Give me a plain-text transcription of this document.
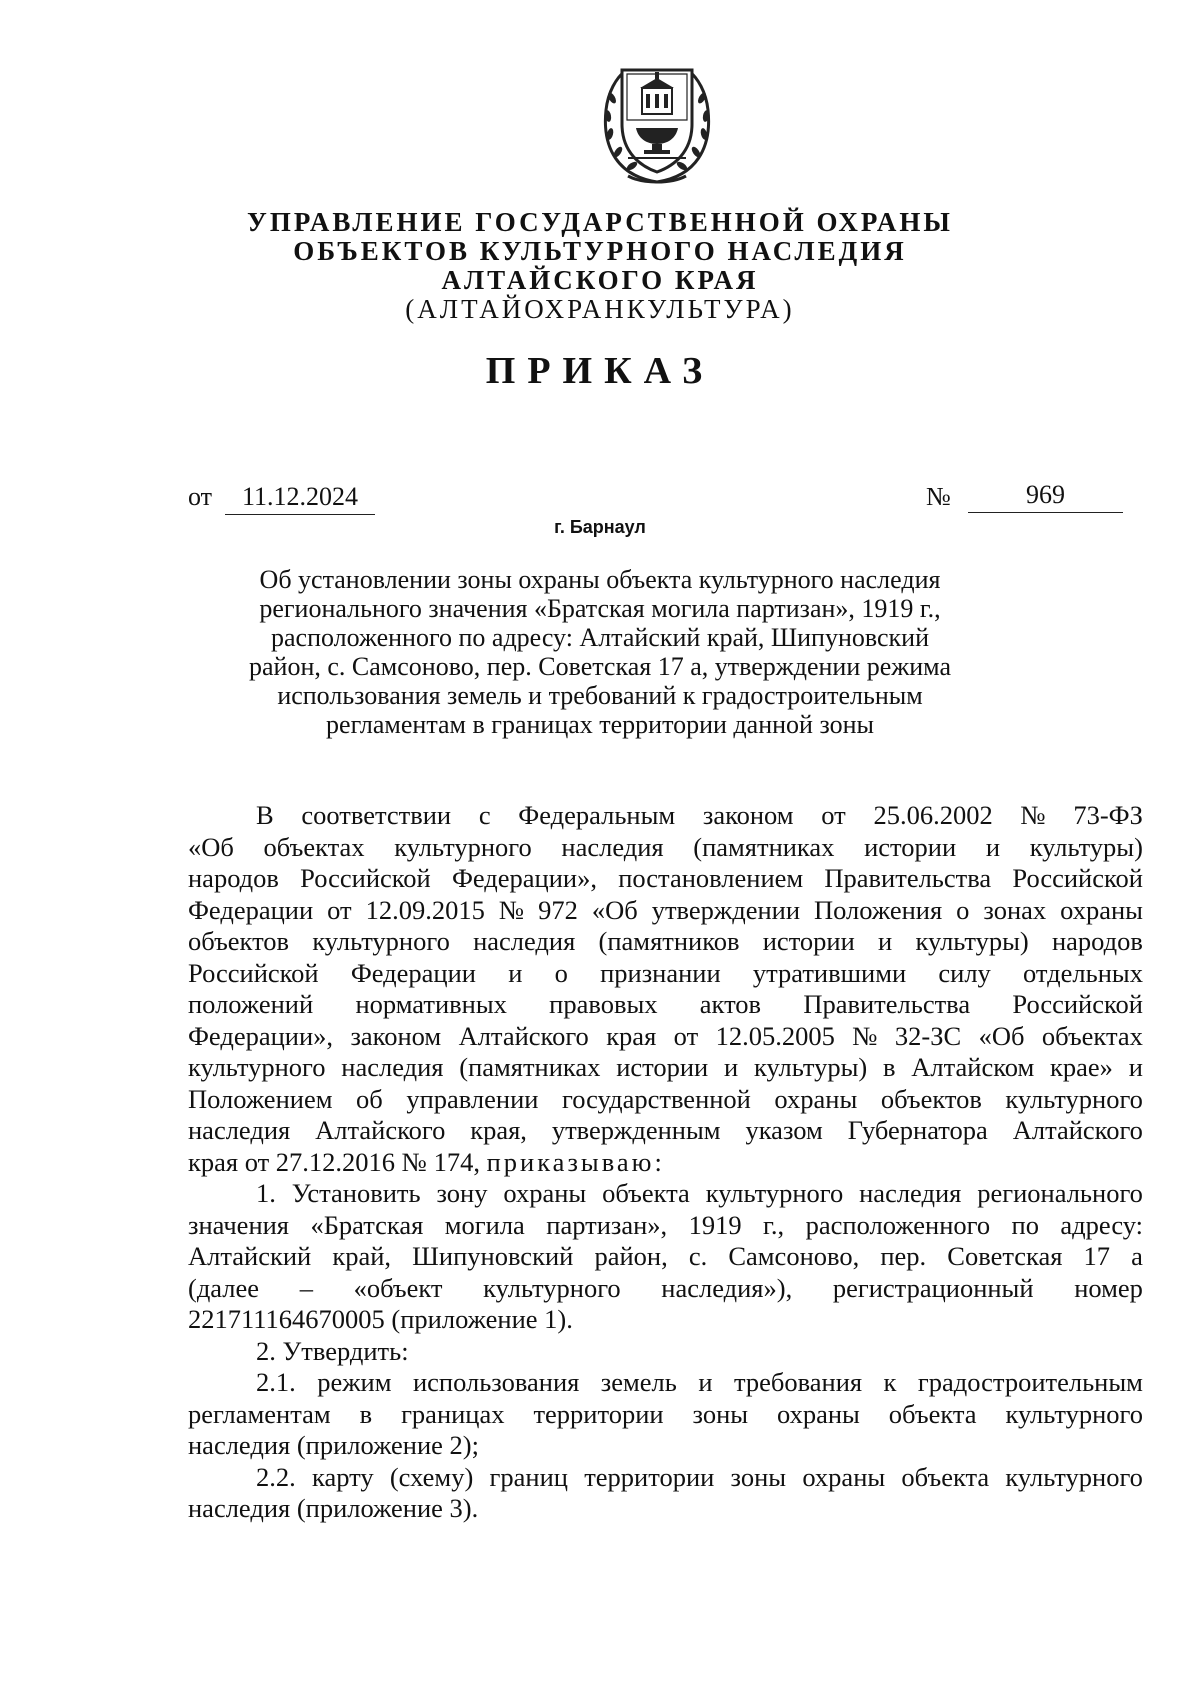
УПРАВЛЕНИЕ ГОСУДАРСТВЕННОЙ ОХРАНЫ
ОБЪЕКТОВ КУЛЬТУРНОГО НАСЛЕДИЯ
АЛТАЙСКОГО КРАЯ
(АЛТАЙОХРАНКУЛЬТУРА)
ПРИКАЗ
от	11.12.2024	№	969
г. Барнаул
Об установлении зоны охраны объекта культурного наследия
регионального значения «Братская могила партизан», 1919 г.,
расположенного по адресу: Алтайский край, Шипуновский
район, с. Самсоново, пер. Советская 17 а, утверждении режима
использования земель и требований к градостроительным
регламентам в границах территории данной зоны
В соответствии с Федеральным законом от 25.06.2002 № 73-ФЗ
«Об объектах культурного наследия (памятниках истории и культуры)
народов Российской Федерации», постановлением Правительства Российской
Федерации от 12.09.2015 № 972 «Об утверждении Положения о зонах охраны
объектов культурного наследия (памятников истории и культуры) народов
Российской Федерации и о признании утратившими силу отдельных
положений нормативных правовых актов Правительства Российской
Федерации», законом Алтайского края от 12.05.2005 № 32-ЗС «Об объектах
культурного наследия (памятниках истории и культуры) в Алтайском крае» и
Положением об управлении государственной охраны объектов культурного
наследия Алтайского края, утвержденным указом Губернатора Алтайского
края от 27.12.2016 № 174, приказываю:
1. Установить зону охраны объекта культурного наследия регионального
значения «Братская могила партизан», 1919 г., расположенного по адресу:
Алтайский край, Шипуновский район, с. Самсоново, пер. Советская 17 а
(далее – «объект культурного наследия»), регистрационный номер
221711164670005 (приложение 1).
2. Утвердить:
2.1. режим использования земель и требования к градостроительным
регламентам в границах территории зоны охраны объекта культурного
наследия (приложение 2);
2.2. карту (схему) границ территории зоны охраны объекта культурного
наследия (приложение 3).
